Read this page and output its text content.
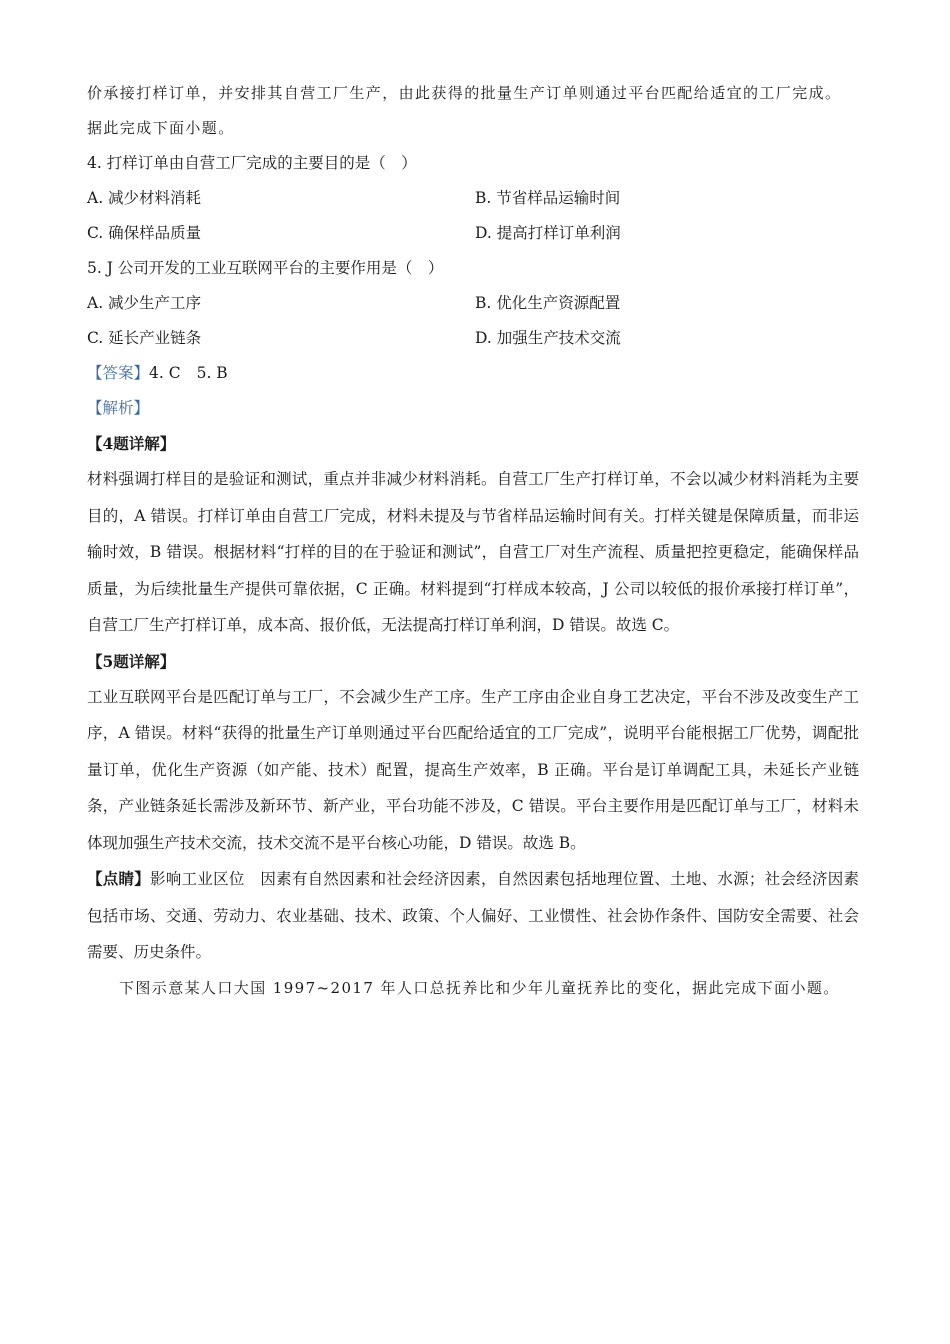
价承接打样订单，并安排其自营工厂生产，由此获得的批量生产订单则通过平台匹配给适宜的工厂完成。
据此完成下面小题。
4. 打样订单由自营工厂完成的主要目的是（　）
A. 减少材料消耗	B. 节省样品运输时间
C. 确保样品质量	D. 提高打样订单利润
5. J 公司开发的工业互联网平台的主要作用是（　）
A. 减少生产工序	B. 优化生产资源配置
C. 延长产业链条	D. 加强生产技术交流
【答案】4. C 5. B
【解析】
【4题详解】

材料强调打样目的是验证和测试，重点并非减少材料消耗。自营工厂生产打样订单，不会以减少材料消耗为主要目的，A 错误。打样订单由自营工厂完成，材料未提及与节省样品运输时间有关。打样关键是保障质量，而非运输时效，B 错误。根据材料“打样的目的在于验证和测试”，自营工厂对生产流程、质量把控更稳定，能确保样品质量，为后续批量生产提供可靠依据，C 正确。材料提到“打样成本较高，J 公司以较低的报价承接打样订单”，自营工厂生产打样订单，成本高、报价低，无法提高打样订单利润，D 错误。故选 C。

【5题详解】

工业互联网平台是匹配订单与工厂，不会减少生产工序。生产工序由企业自身工艺决定，平台不涉及改变生产工序，A 错误。材料“获得的批量生产订单则通过平台匹配给适宜的工厂完成”，说明平台能根据工厂优势，调配批量订单，优化生产资源（如产能、技术）配置，提高生产效率，B 正确。平台是订单调配工具，未延长产业链条，产业链条延长需涉及新环节、新产业，平台功能不涉及，C 错误。平台主要作用是匹配订单与工厂，材料未体现加强生产技术交流，技术交流不是平台核心功能，D 错误。故选 B。

【点睛】影响工业区位　因素有自然因素和社会经济因素，自然因素包括地理位置、土地、水源；社会经济因素包括市场、交通、劳动力、农业基础、技术、政策、个人偏好、工业惯性、社会协作条件、国防安全需要、社会需要、历史条件。

下图示意某人口大国 1997~2017 年人口总抚养比和少年儿童抚养比的变化，据此完成下面小题。
